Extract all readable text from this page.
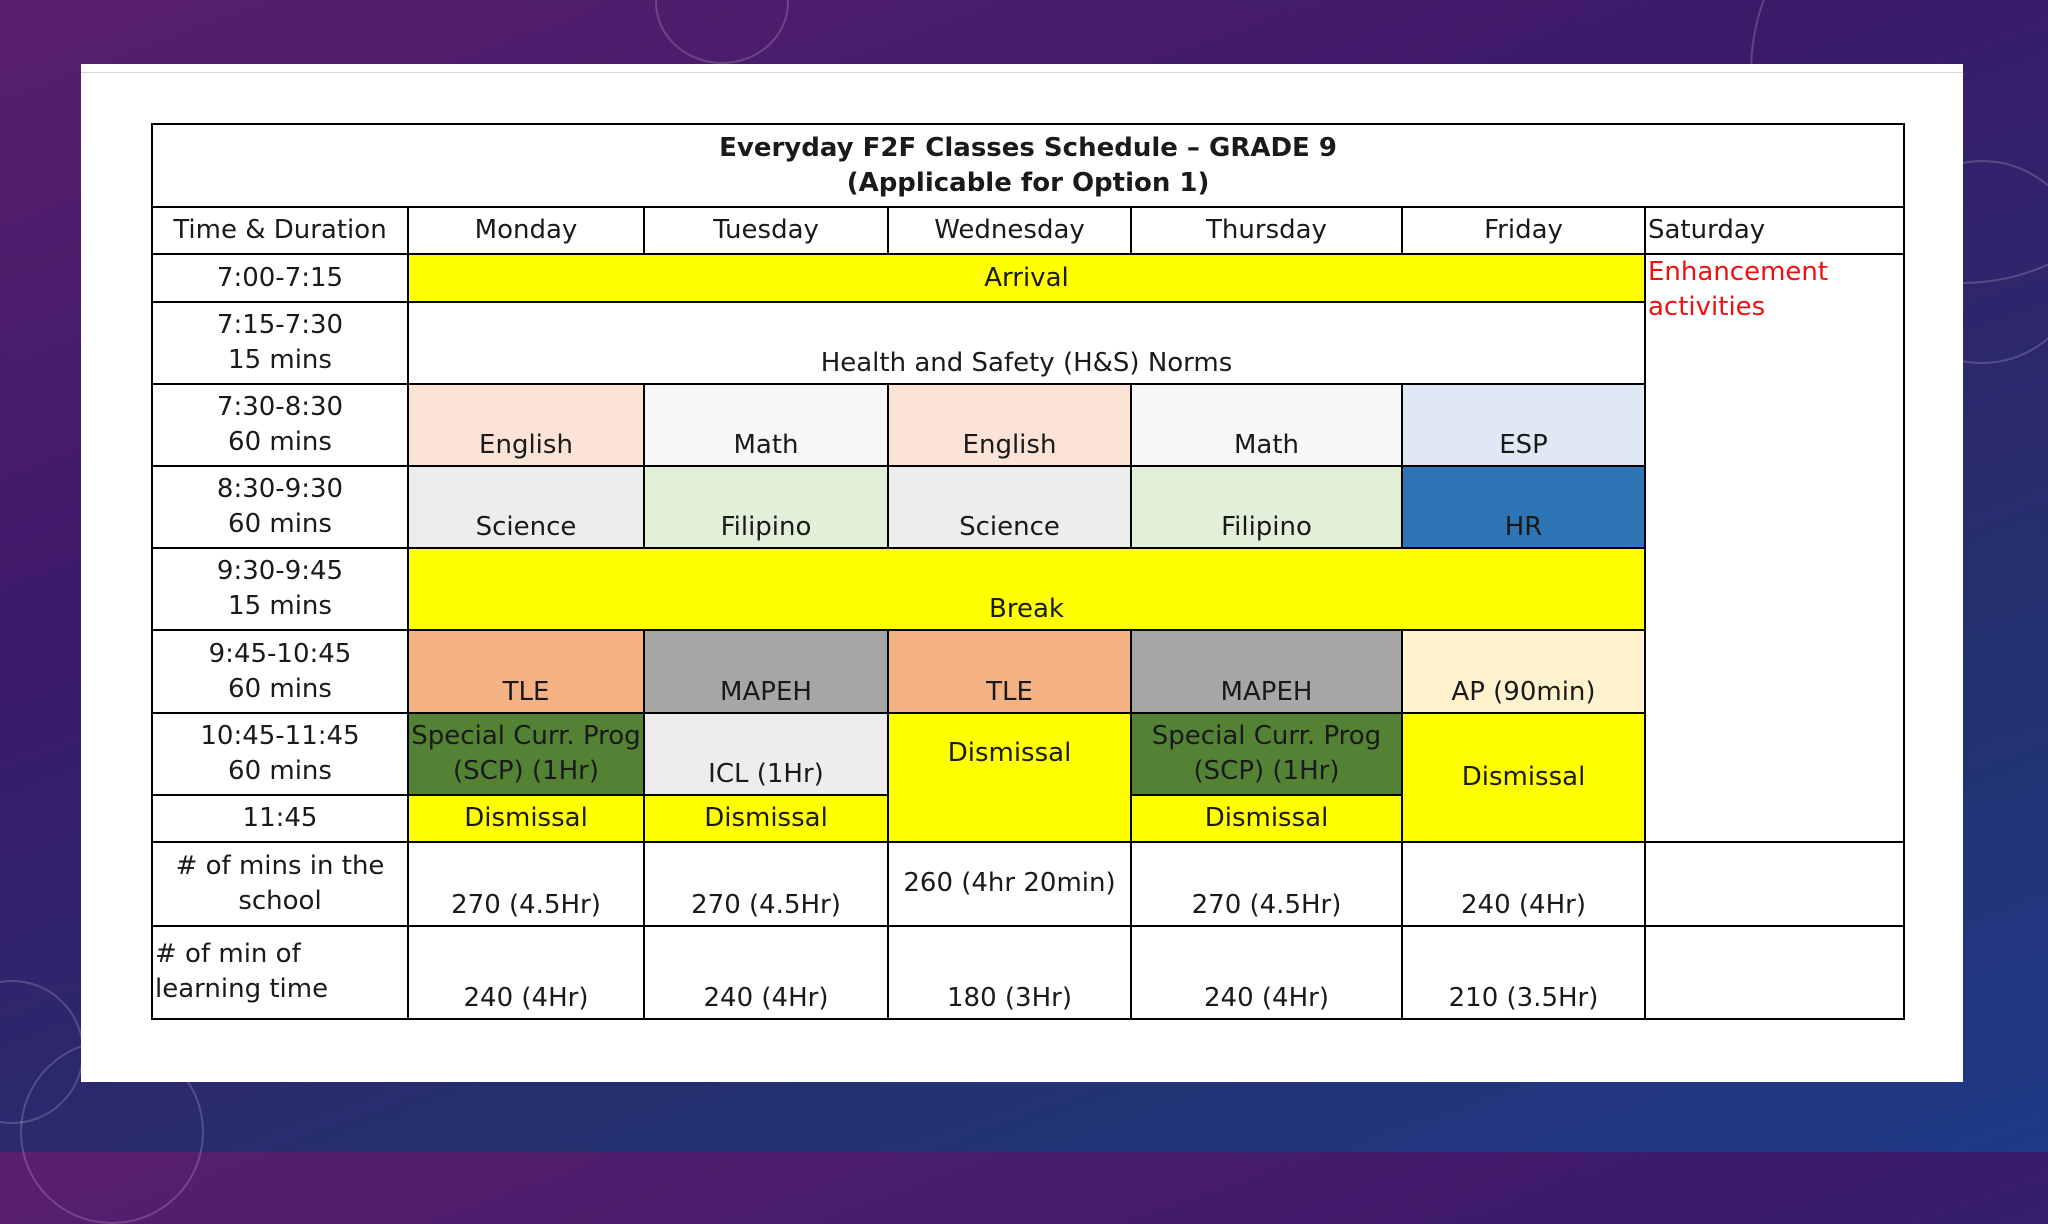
Everyday F2F Classes Schedule – GRADE 9
(Applicable for Option 1)							

Time & Duration	Monday	Tuesday	Wednesday	Thursday	Friday	Saturday	
7:00-7:15	Arrival					Enhancement activities	

7:15-7:30
15 mins	Health and Safety (H&S) Norms						

7:30-8:30
60 mins	English	Math	English	Math	ESP		

8:30-9:30
60 mins	Science	Filipino	Science	Filipino	HR		

9:30-9:45
15 mins	Break						

9:45-10:45
60 mins	TLE	MAPEH	TLE	MAPEH	AP (90min)		

10:45-11:45
60 mins	Special Curr. Prog (SCP) (1Hr)	ICL (1Hr)	Dismissal	Special Curr. Prog (SCP) (1Hr)	Dismissal		
11:45	Dismissal	Dismissal		Dismissal			
# of mins in the school	270 (4.5Hr)	270 (4.5Hr)	260 (4hr 20min)	270 (4.5Hr)	240 (4Hr)		
# of min of learning time	240 (4Hr)	240 (4Hr)	180 (3Hr)	240 (4Hr)	210 (3.5Hr)		
